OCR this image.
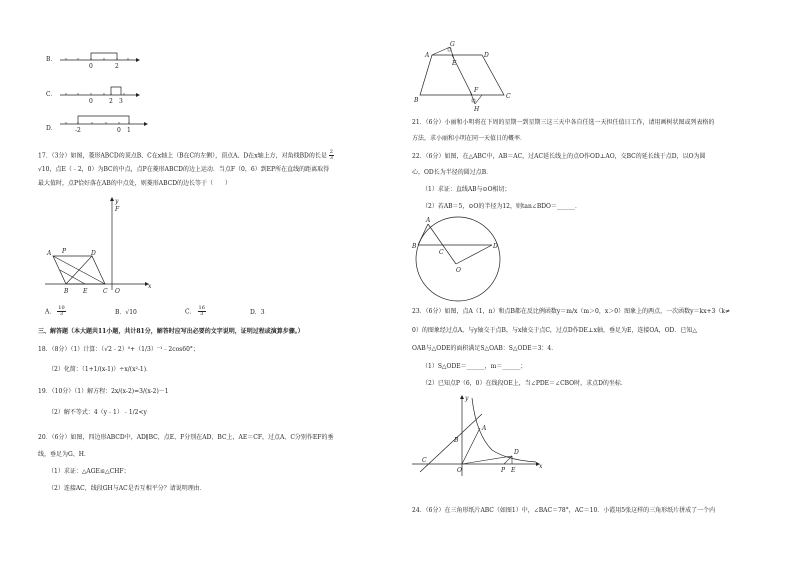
B．
0	2
C．
0	2 3
D．	-2	0 1
17．（3分）如图，菱形ABCD的顶点B、C在x轴上（B在C的左侧），顶点A、D在x轴上方，对角线BD的长是 $\frac{2}{3}$
√10，点E（﹣2，0）为BC的中点，点P在菱形ABCD的边上运动．当点F（0，6）到EP所在直线的距离取得
最大值时，点P恰好落在AB的中点处，则菱形ABCD的边长等于（　　）
y
F
A P	D
B E	C O
x
A． $\frac{10}{3}$	B．√10	C． $\frac{16}{3}$	D．3
三、解答题（本大题共11小题，共计81分，解答时应写出必要的文字说明，证明过程或演算步骤。）
18．（8分）（1）计算：（√2﹣2）⁰+（1/3）⁻¹﹣2cos60°；
（2）化简：（1+1/(x-1)）÷x/(x²-1)．
19．（10分）（1）解方程：2x/(x-2)=3/(x-2)－1
（2）解不等式：4（y﹣1）﹣1/2<y
20．（6分）如图，四边形ABCD中，AD∥BC，点E、F分别在AD、BC上，AE＝CF，过点A、C分别作EF的垂
线，垂足为G、H．
（1）求证：△AGE≌△CHF；
（2）连接AC，线段GH与AC是否互相平分？请说明理由．
A
G
D
E
F
B
C
H
21．（6分）小丽和小明将在下周的星期一到星期三这三天中各自任选一天担任值日工作，请用画树状图或列表格的
方法，求小丽和小明在同一天值日的概率．
22．（6分）如图，在△ABC中，AB＝AC，过AC延长线上的点O作OD⊥AO，交BC的延长线于点D，以O为圆
心，OD长为半径的圆过点B．
（1）求证：直线AB与⊙O相切；
（2）若AB＝5，⊙O的半径为12，则tan∠BDO＝______．
A
B
C
D
O
23．（6分）如图，点A（1，n）和点B都在反比例函数y＝m/x（m＞0，x＞0）图象上的两点，一次函数y＝kx+3（k≠
0）的图象经过点A，与y轴交于点B，与x轴交于点C，过点D作DE⊥x轴，垂足为E，连接OA，OD．已知△
OAB与△ODE的面积满足S△OAB：S△ODE＝3：4．
（1）S△ODE＝______，m＝______；
（2）已知点P（6，0）在线段OE上，当∠PDE＝∠CBO时，求点D的坐标．
y
A
B
D
C
O	P E
x
24．（6分）在三角形纸片ABC（如图1）中，∠BAC＝78°，AC＝10．小霞用5张这样的三角形纸片拼成了一个内
